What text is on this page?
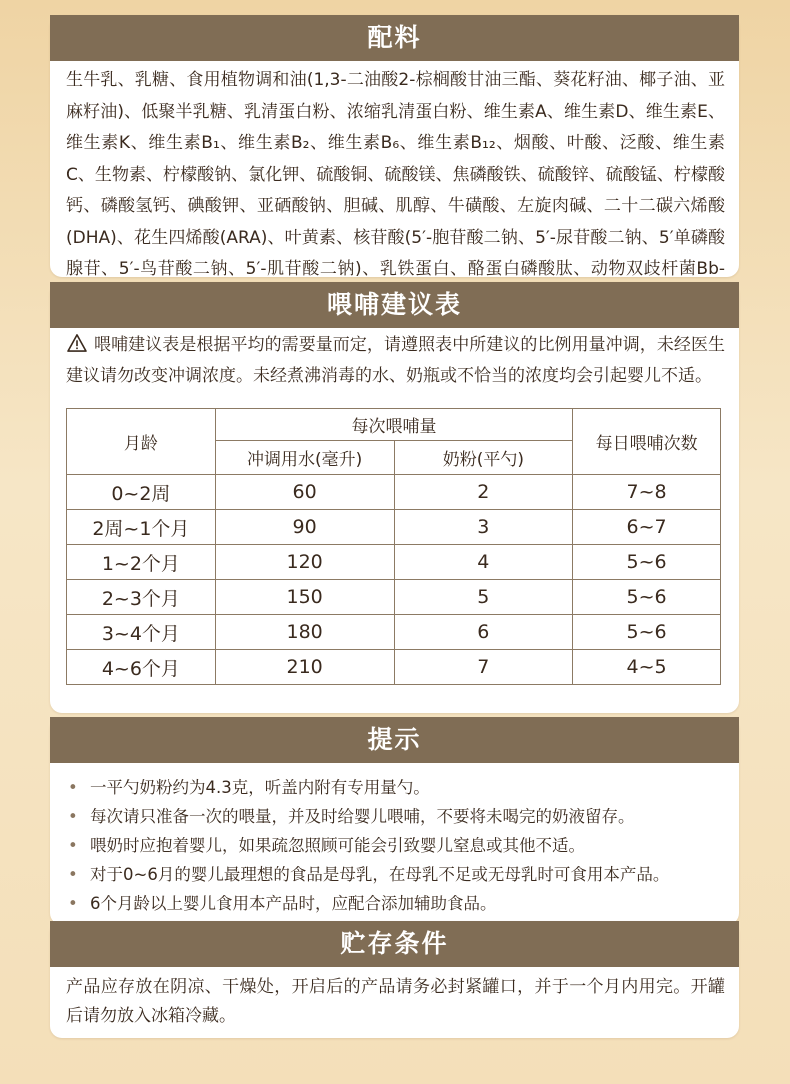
配料
生牛乳、乳糖、食用植物调和油(1,3-二油酸2-棕榈酸甘油三酯、葵花籽油、椰子油、亚麻籽油)、低聚半乳糖、乳清蛋白粉、浓缩乳清蛋白粉、维生素A、维生素D、维生素E、维生素K、维生素B₁、维生素B₂、维生素B₆、维生素B₁₂、烟酸、叶酸、泛酸、维生素C、生物素、柠檬酸钠、氯化钾、硫酸铜、硫酸镁、焦磷酸铁、硫酸锌、硫酸锰、柠檬酸钙、磷酸氢钙、碘酸钾、亚硒酸钠、胆碱、肌醇、牛磺酸、左旋肉碱、二十二碳六烯酸(DHA)、花生四烯酸(ARA)、叶黄素、核苷酸(5′-胞苷酸二钠、5′-尿苷酸二钠、5′单磷酸腺苷、5′-鸟苷酸二钠、5′-肌苷酸二钠)、乳铁蛋白、酪蛋白磷酸肽、动物双歧杆菌Bb-
喂哺建议表
喂哺建议表是根据平均的需要量而定，请遵照表中所建议的比例用量冲调，未经医生建议请勿改变冲调浓度。未经煮沸消毒的水、奶瓶或不恰当的浓度均会引起婴儿不适。
月龄	每次喂哺量		每日喂哺次数
	冲调用水(毫升)	奶粉(平勺)	
0~2周	60	2	7~8
2周~1个月	90	3	6~7
1~2个月	120	4	5~6
2~3个月	150	5	5~6
3~4个月	180	6	5~6
4~6个月	210	7	4~5
提示
• 一平勺奶粉约为4.3克，听盖内附有专用量勺。
• 每次请只准备一次的喂量，并及时给婴儿喂哺，不要将未喝完的奶液留存。
• 喂奶时应抱着婴儿，如果疏忽照顾可能会引致婴儿窒息或其他不适。
• 对于0~6月的婴儿最理想的食品是母乳，在母乳不足或无母乳时可食用本产品。
• 6个月龄以上婴儿食用本产品时，应配合添加辅助食品。
贮存条件
产品应存放在阴凉、干燥处，开启后的产品请务必封紧罐口，并于一个月内用完。开罐后请勿放入冰箱冷藏。
